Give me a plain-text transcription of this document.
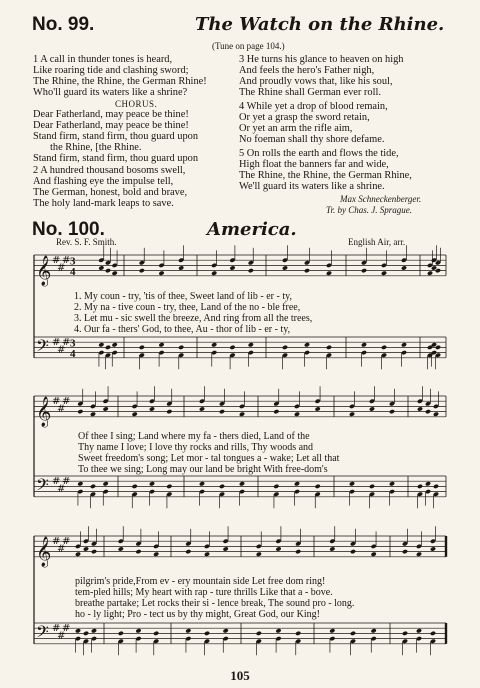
No. 99.	The Watch on the Rhine.
(Tune on page 104.)
1 A call in thunder tones is heard,
Like roaring tide and clashing sword;
The Rhine, the Rhine, the German Rhine!
Who'll guard its waters like a shrine?
CHORUS.
Dear Fatherland, may peace be thine!
Dear Fatherland, may peace be thine!
Stand firm, stand firm, thou guard upon
the Rhine, [the Rhine.
Stand firm, stand firm, thou guard upon
2 A hundred thousand bosoms swell,
And flashing eye the impulse tell,
The German, honest, bold and brave,
The holy land-mark leaps to save.
3 He turns his glance to heaven on high
And feels the hero's Father nigh,
And proudly vows that, like his soul,
The Rhine shall German ever roll.
4 While yet a drop of blood remain,
Or yet a grasp the sword retain,
Or yet an arm the rifle aim,
No foeman shall thy shore defame.
5 On rolls the earth and flows the tide,
High float the banners far and wide,
The Rhine, the Rhine, the German Rhine,
We'll guard its waters like a shrine.
Max Schneckenberger.
Tr. by Chas. J. Sprague.
No. 100.	America.
Rev. S. F. Smith.	English Air, arr.
𝄞 #
#
# 3
4
𝄢 #
#
# 3
4
𝄞 #
#
#
𝄢 #
#
#
𝄞 #
#
#
𝄢 #
#
#
1. My coun - try, 'tis of thee, Sweet land of lib - er - ty,
2. My na - tive coun - try, thee, Land of the no - ble free,
3. Let mu - sic swell the breeze, And ring from all the trees,
4. Our fa - thers' God, to thee, Au - thor of lib - er - ty,
Of thee I sing; Land where my fa - thers died, Land of the
Thy name I love; I love thy rocks and rills, Thy woods and
Sweet freedom's song; Let mor - tal tongues a - wake; Let all that
To thee we sing; Long may our land be bright With free-dom's
pilgrim's pride,From ev - ery mountain side Let free dom ring!
tem-pled hills; My heart with rap - ture thrills Like that a - bove.
breathe partake; Let rocks their si - lence break, The sound pro - long.
ho - ly light; Pro - tect us by thy might, Great God, our King!
105
